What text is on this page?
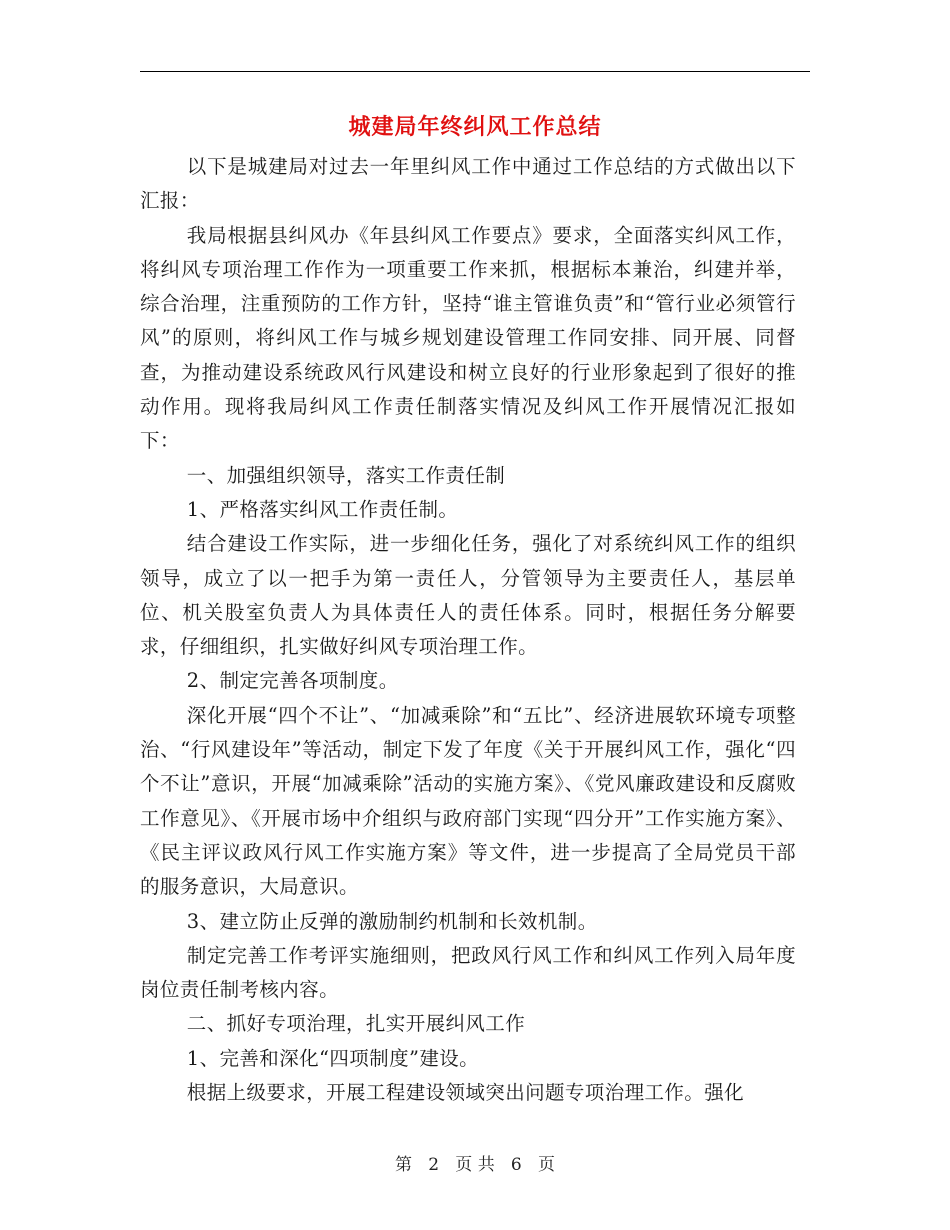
城建局年终纠风工作总结

以下是城建局对过去一年里纠风工作中通过工作总结的方式做出以下汇报：

我局根据县纠风办《年县纠风工作要点》要求，全面落实纠风工作，将纠风专项治理工作作为一项重要工作来抓，根据标本兼治，纠建并举，综合治理，注重预防的工作方针，坚持“谁主管谁负责”和“管行业必须管行风”的原则，将纠风工作与城乡规划建设管理工作同安排、同开展、同督查，为推动建设系统政风行风建设和树立良好的行业形象起到了很好的推动作用。现将我局纠风工作责任制落实情况及纠风工作开展情况汇报如下：

一、加强组织领导，落实工作责任制

1、严格落实纠风工作责任制。

结合建设工作实际，进一步细化任务，强化了对系统纠风工作的组织领导，成立了以一把手为第一责任人，分管领导为主要责任人，基层单位、机关股室负责人为具体责任人的责任体系。同时，根据任务分解要求，仔细组织，扎实做好纠风专项治理工作。

2、制定完善各项制度。

深化开展“四个不让”、“加减乘除”和“五比”、经济进展软环境专项整治、“行风建设年”等活动，制定下发了年度《关于开展纠风工作，强化“四个不让”意识，开展“加减乘除”活动的实施方案》、《党风廉政建设和反腐败工作意见》、《开展市场中介组织与政府部门实现“四分开”工作实施方案》、《民主评议政风行风工作实施方案》等文件，进一步提高了全局党员干部的服务意识，大局意识。

3、建立防止反弹的激励制约机制和长效机制。

制定完善工作考评实施细则，把政风行风工作和纠风工作列入局年度岗位责任制考核内容。

二、抓好专项治理，扎实开展纠风工作

1、完善和深化“四项制度”建设。

根据上级要求，开展工程建设领域突出问题专项治理工作。强化

第 2 页 共 6 页
